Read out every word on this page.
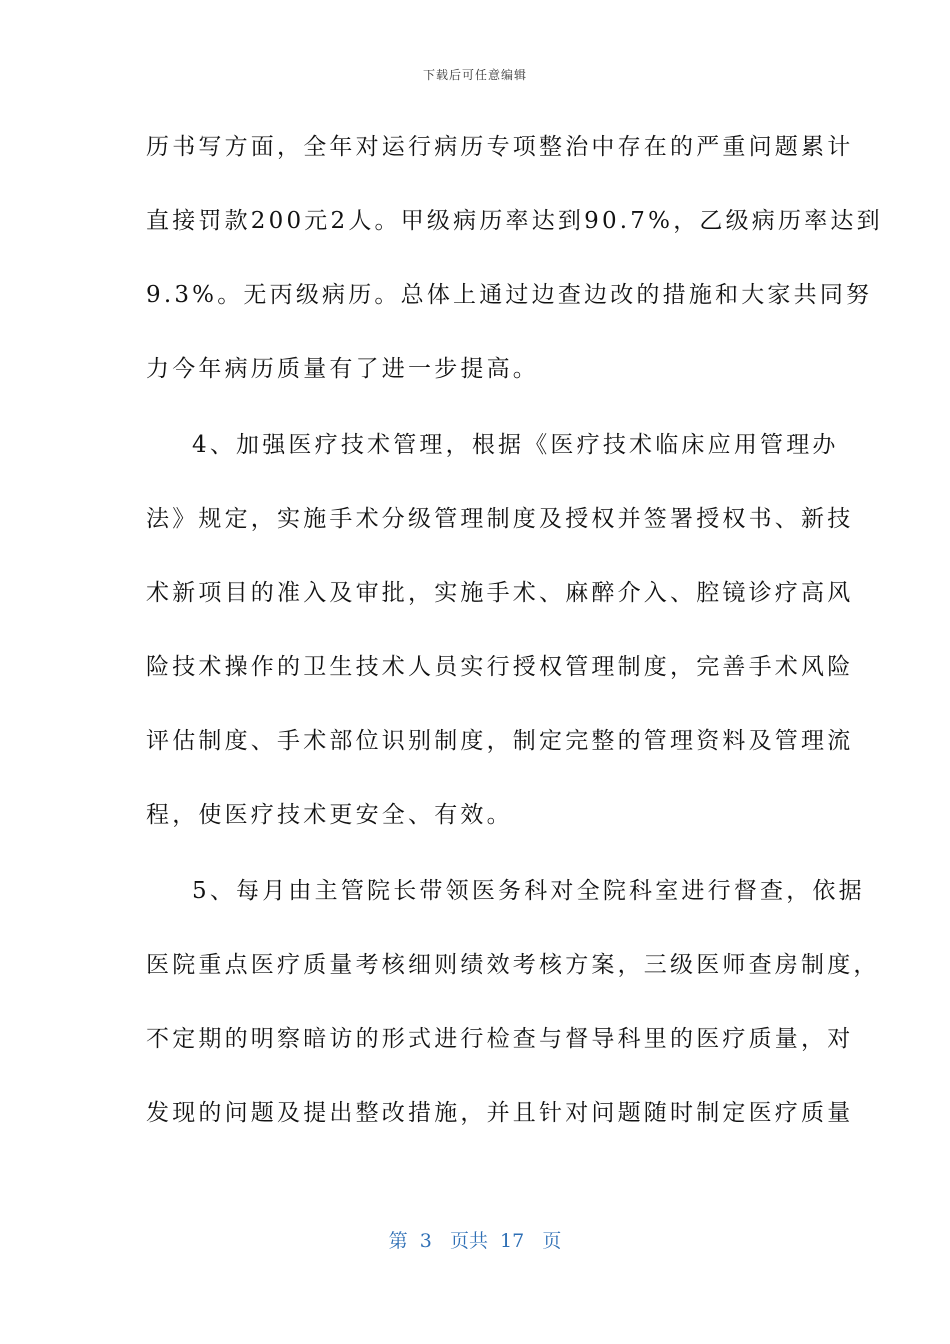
下载后可任意编辑
历书写方面，全年对运行病历专项整治中存在的严重问题累计
直接罚款200元2人。甲级病历率达到90.7%，乙级病历率达到
9.3%。无丙级病历。总体上通过边查边改的措施和大家共同努
力今年病历质量有了进一步提高。
4、加强医疗技术管理，根据《医疗技术临床应用管理办
法》规定，实施手术分级管理制度及授权并签署授权书、新技
术新项目的准入及审批，实施手术、麻醉介入、腔镜诊疗高风
险技术操作的卫生技术人员实行授权管理制度，完善手术风险
评估制度、手术部位识别制度，制定完整的管理资料及管理流
程，使医疗技术更安全、有效。
5、每月由主管院长带领医务科对全院科室进行督查，依据
医院重点医疗质量考核细则绩效考核方案，三级医师查房制度，
不定期的明察暗访的形式进行检查与督导科里的医疗质量，对
发现的问题及提出整改措施，并且针对问题随时制定医疗质量
第  3   页共  17   页
